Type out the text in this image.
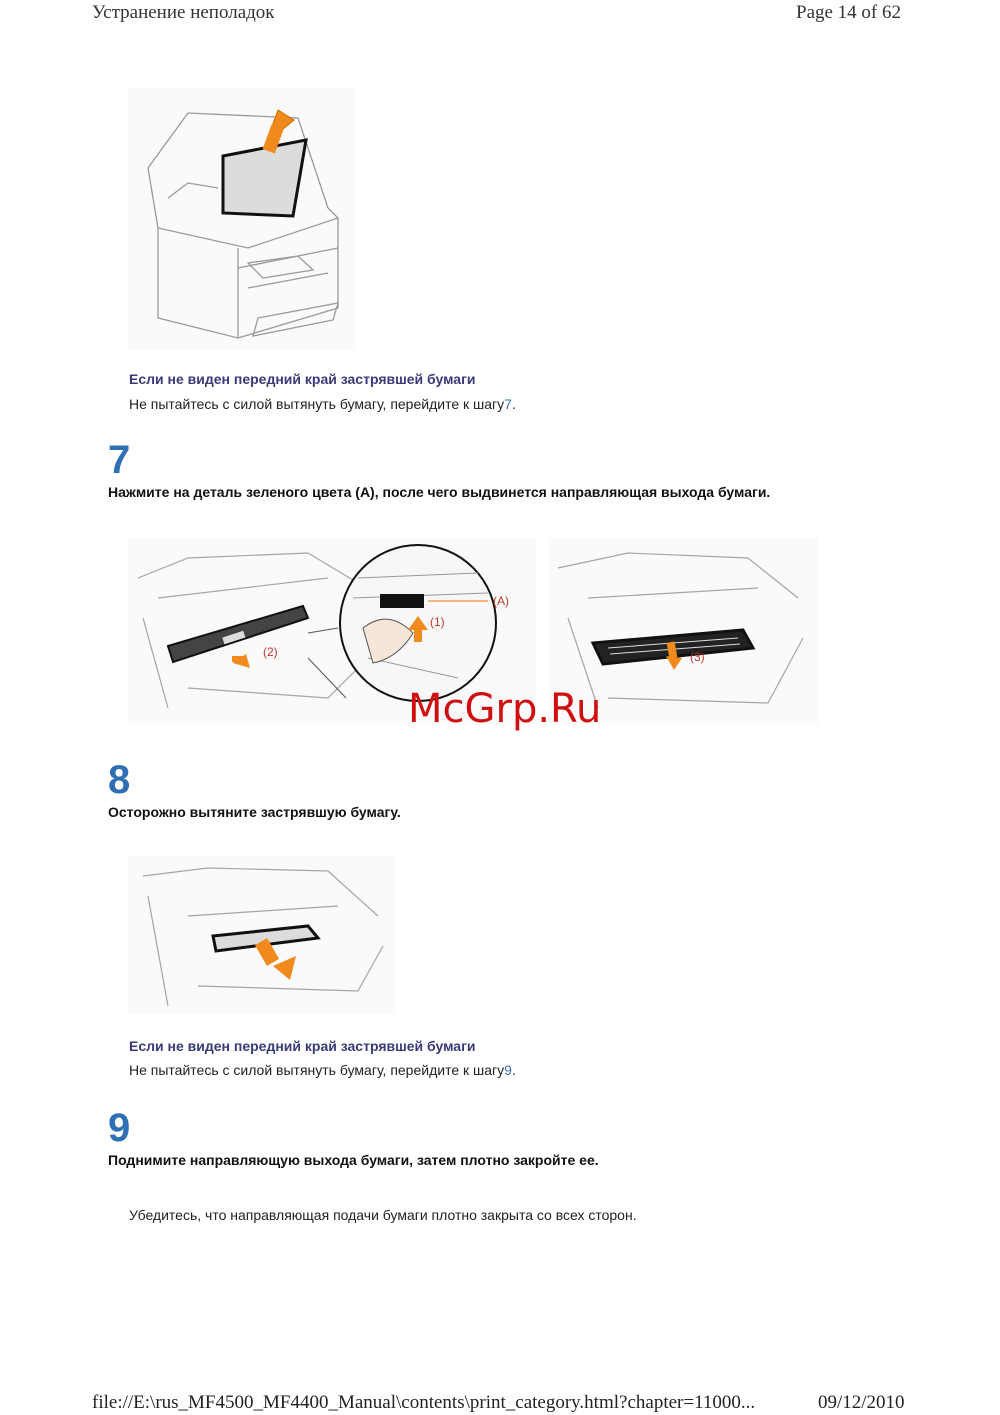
Устранение неполадок	Page 14 of 62
Если не виден передний край застрявшей бумаги
Не пытайтесь с силой вытянуть бумагу, перейдите к шагу7.
7
Нажмите на деталь зеленого цвета (A), после чего выдвинется направляющая выхода бумаги.
(2)
(A)
(1)
(3)
McGrp.Ru
8
Осторожно вытяните застрявшую бумагу.
Если не виден передний край застрявшей бумаги
Не пытайтесь с силой вытянуть бумагу, перейдите к шагу9.
9
Поднимите направляющую выхода бумаги, затем плотно закройте ее.
Убедитесь, что направляющая подачи бумаги плотно закрыта со всех сторон.
file://E:\rus_MF4500_MF4400_Manual\contents\print_category.html?chapter=11000...	09/12/2010
